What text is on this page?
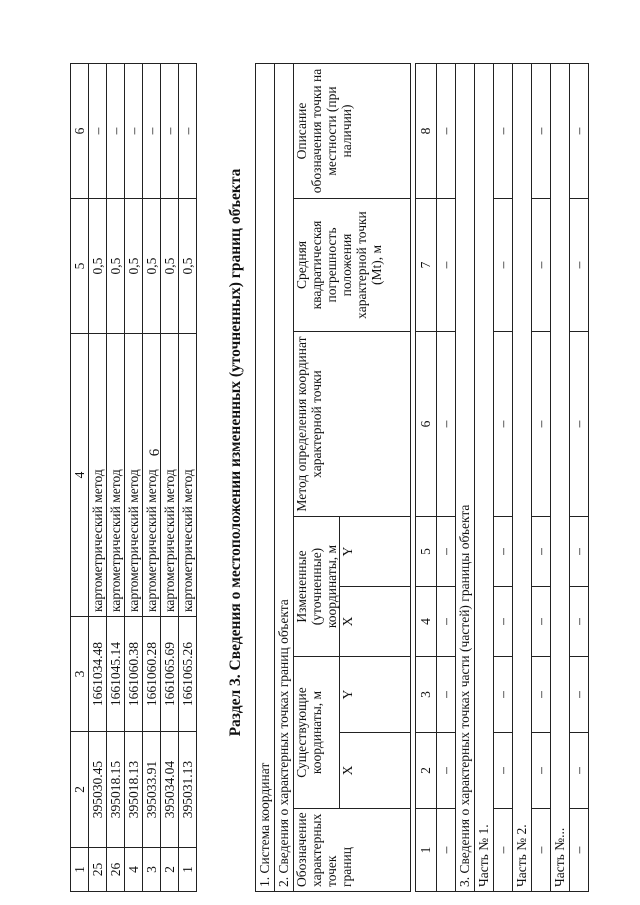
6
1	2	3	4	5	6
25	395030.45	1661034.48	картометрический метод	0,5	–
26	395018.15	1661045.14	картометрический метод	0,5	–
4	395018.13	1661060.38	картометрический метод	0,5	–
3	395033.91	1661060.28	картометрический метод	0,5	–
2	395034.04	1661065.69	картометрический метод	0,5	–
1	395031.13	1661065.26	картометрический метод	0,5	–
Раздел 3. Сведения о местоположении измененных (уточненных) границ объекта
1. Система координат							
2. Сведения о характерных точках границ объекта							
Обозначение характерных точек границ	Существующие координаты, м		Измененные (уточненные) координаты, м		Метод определения координат характерной точки	Средняя квадратическая погрешность положения характерной точки (Мt), м	Описание обозначения точки на местности (при наличии)
	X	Y	X	Y			

1	2	3	4	5	6	7	8
–	–	–	–	–	–	–	–
3. Сведения о характерных точках части (частей) границы объекта							
Часть № 1.							
–	–	–	–	–	–	–	–
Часть № 2.							
–	–	–	–	–	–	–	–
Часть №...							
–	–	–	–	–	–	–	–
